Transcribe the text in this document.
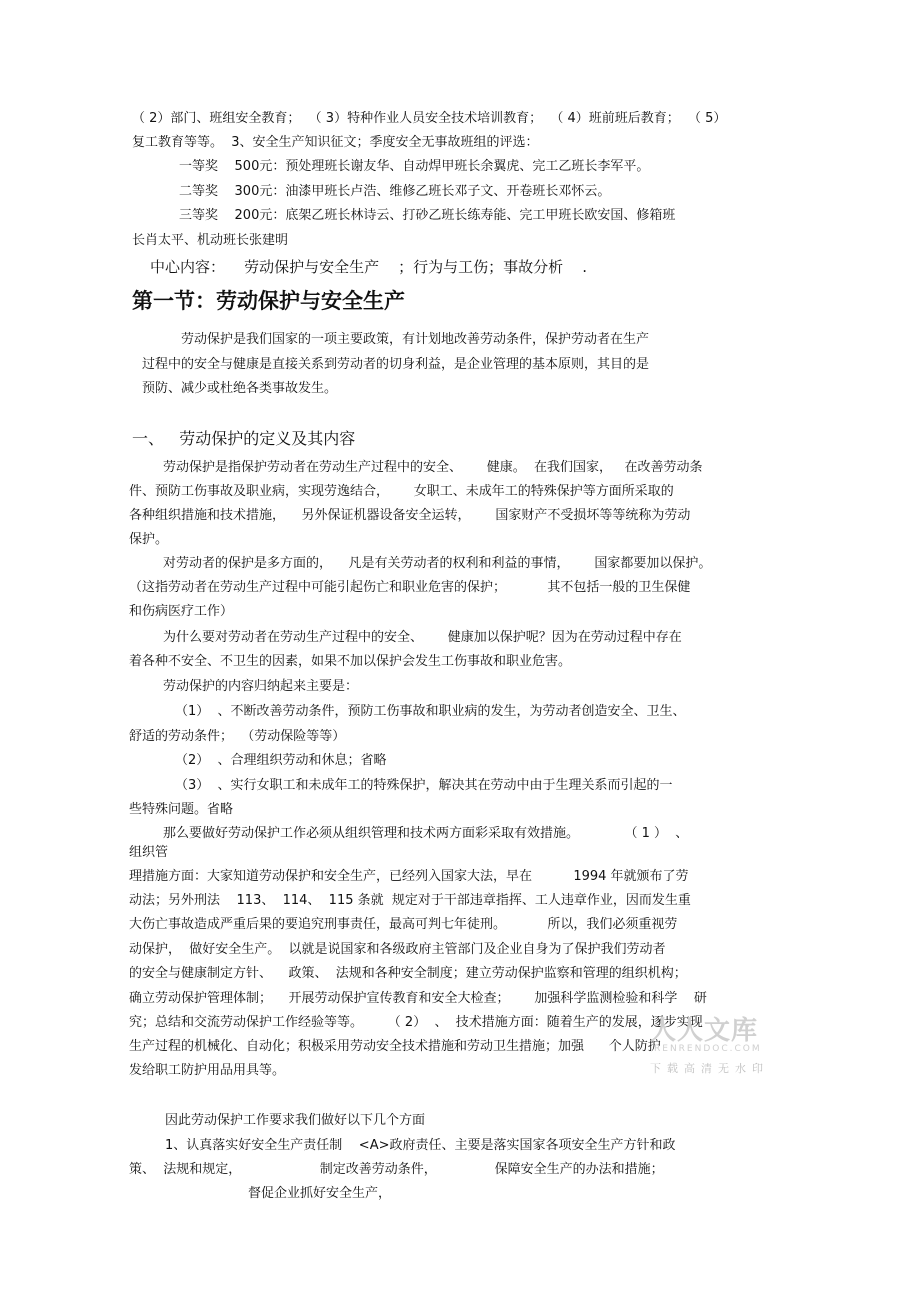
（ 2）部门、班组安全教育；  （ 3）特种作业人员安全技术培训教育；  （ 4）班前班后教育；  （ 5）
复工教育等等。  3、安全生产知识征文；季度安全无事故班组的评选：
一等奖    500元：预处理班长谢友华、自动焊甲班长余翼虎、完工乙班长李军平。
二等奖    300元：油漆甲班长卢浩、维修乙班长邓子文、开卷班长邓怀云。
三等奖    200元：底架乙班长林诗云、打砂乙班长练寿能、完工甲班长欧安国、修箱班
长肖太平、机动班长张建明
中心内容：    劳动保护与安全生产    ；行为与工伤；事故分析    .
第一节：劳动保护与安全生产
劳动保护是我们国家的一项主要政策，有计划地改善劳动条件，保护劳动者在生产
过程中的安全与健康是直接关系到劳动者的切身利益，是企业管理的基本原则，其目的是
预防、减少或杜绝各类事故发生。
一、   劳动保护的定义及其内容
劳动保护是指保护劳动者在劳动生产过程中的安全、      健康。  在我们国家，   在改善劳动条
件、预防工伤事故及职业病，实现劳逸结合，      女职工、未成年工的特殊保护等方面所采取的
各种组织措施和技术措施，    另外保证机器设备安全运转，      国家财产不受损坏等等统称为劳动
保护。
对劳动者的保护是多方面的，    凡是有关劳动者的权利和利益的事情，      国家都要加以保护。
（这指劳动者在劳动生产过程中可能引起伤亡和职业危害的保护；          其不包括一般的卫生保健
和伤病医疗工作）
为什么要对劳动者在劳动生产过程中的安全、      健康加以保护呢？因为在劳动过程中存在
着各种不安全、不卫生的因素，如果不加以保护会发生工伤事故和职业危害。
劳动保护的内容归纳起来主要是：
（1）  、不断改善劳动条件，预防工伤事故和职业病的发生，为劳动者创造安全、卫生、
舒适的劳动条件；  （劳动保险等等）
（2）  、合理组织劳动和休息；省略
（3）  、实行女职工和未成年工的特殊保护，解决其在劳动中由于生理关系而引起的一
些特殊问题。省略
那么要做好劳动保护工作必须从组织管理和技术两方面彩采取有效措施。           （ 1 ）  、
组织管
理措施方面：大家知道劳动保护和安全生产，已经列入国家大法，早在          1994 年就颁布了劳
动法；另外刑法    113、  114、  115 条就  规定对于干部违章指挥、工人违章作业，因而发生重
大伤亡事故造成严重后果的要追究刑事责任，最高可判七年徒刑。          所以，我们必须重视劳
动保护，  做好安全生产。  以就是说国家和各级政府主管部门及企业自身为了保护我们劳动者
的安全与健康制定方针、    政策、  法规和各种安全制度；建立劳动保护监察和管理的组织机构；
确立劳动保护管理体制；    开展劳动保护宣传教育和安全大检查；      加强科学监测检验和科学    研
究；总结和交流劳动保护工作经验等等。      （ 2）  、  技术措施方面：随着生产的发展，逐步实现
生产过程的机械化、自动化；积极采用劳动安全技术措施和劳动卫生措施；加强      个人防护
发给职工防护用品用具等。
因此劳动保护工作要求我们做好以下几个方面
1、认真落实好安全生产责任制    <A>政府责任、主要是落实国家各项安全生产方针和政
策、  法规和规定，                   制定改善劳动条件，              保障安全生产的办法和措施；
督促企业抓好安全生产，
人人文库
RENRENDOC.COM
下载高清无水印
